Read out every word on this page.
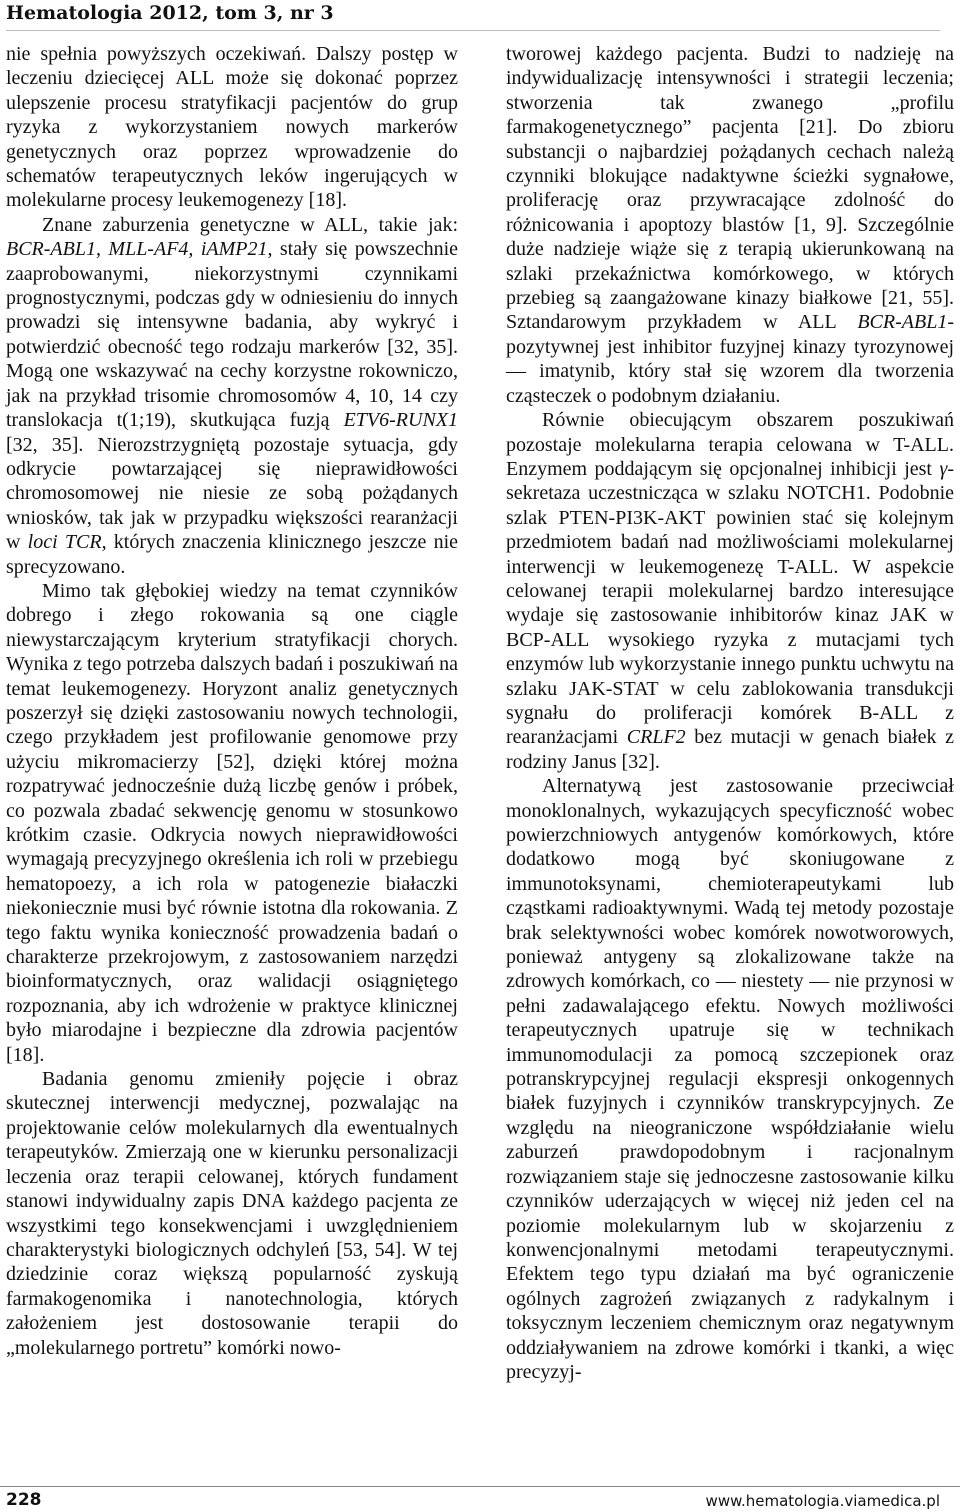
Hematologia 2012, tom 3, nr 3

nie spełnia powyższych oczekiwań. Dalszy postęp w leczeniu dziecięcej ALL może się dokonać poprzez ulepszenie procesu stratyfikacji pacjentów do grup ryzyka z wykorzystaniem nowych markerów genetycznych oraz poprzez wprowadzenie do schematów terapeutycznych leków ingerujących w molekularne procesy leukemogenezy [18].

Znane zaburzenia genetyczne w ALL, takie jak: BCR-ABL1, MLL-AF4, iAMP21, stały się powszechnie zaaprobowanymi, niekorzystnymi czynnikami prognostycznymi, podczas gdy w odniesieniu do innych prowadzi się intensywne badania, aby wykryć i potwierdzić obecność tego rodzaju markerów [32, 35]. Mogą one wskazywać na cechy korzystne rokowniczo, jak na przykład trisomie chromosomów 4, 10, 14 czy translokacja t(1;19), skutkująca fuzją ETV6-RUNX1 [32, 35]. Nierozstrzygniętą pozostaje sytuacja, gdy odkrycie powtarzającej się nieprawidłowości chromosomowej nie niesie ze sobą pożądanych wniosków, tak jak w przypadku większości rearanżacji w loci TCR, których znaczenia klinicznego jeszcze nie sprecyzowano.

Mimo tak głębokiej wiedzy na temat czynników dobrego i złego rokowania są one ciągle niewystarczającym kryterium stratyfikacji chorych. Wynika z tego potrzeba dalszych badań i poszukiwań na temat leukemogenezy. Horyzont analiz genetycznych poszerzył się dzięki zastosowaniu nowych technologii, czego przykładem jest profilowanie genomowe przy użyciu mikromacierzy [52], dzięki której można rozpatrywać jednocześnie dużą liczbę genów i próbek, co pozwala zbadać sekwencję genomu w stosunkowo krótkim czasie. Odkrycia nowych nieprawidłowości wymagają precyzyjnego określenia ich roli w przebiegu hematopoezy, a ich rola w patogenezie białaczki niekoniecznie musi być równie istotna dla rokowania. Z tego faktu wynika konieczność prowadzenia badań o charakterze przekrojowym, z zastosowaniem narzędzi bioinformatycznych, oraz walidacji osiągniętego rozpoznania, aby ich wdrożenie w praktyce klinicznej było miarodajne i bezpieczne dla zdrowia pacjentów [18].

Badania genomu zmieniły pojęcie i obraz skutecznej interwencji medycznej, pozwalając na projektowanie celów molekularnych dla ewentualnych terapeutyków. Zmierzają one w kierunku personalizacji leczenia oraz terapii celowanej, których fundament stanowi indywidualny zapis DNA każdego pacjenta ze wszystkimi tego konsekwencjami i uwzględnieniem charakterystyki biologicznych odchyleń [53, 54]. W tej dziedzinie coraz większą popularność zyskują farmakogenomika i nanotechnologia, których założeniem jest dostosowanie terapii do „molekularnego portretu” komórki nowo-

tworowej każdego pacjenta. Budzi to nadzieję na indywidualizację intensywności i strategii leczenia; stworzenia tak zwanego „profilu farmakogenetycznego” pacjenta [21]. Do zbioru substancji o najbardziej pożądanych cechach należą czynniki blokujące nadaktywne ścieżki sygnałowe, proliferację oraz przywracające zdolność do różnicowania i apoptozy blastów [1, 9]. Szczególnie duże nadzieje wiąże się z terapią ukierunkowaną na szlaki przekaźnictwa komórkowego, w których przebieg są zaangażowane kinazy białkowe [21, 55]. Sztandarowym przykładem w ALL BCR-ABL1-pozytywnej jest inhibitor fuzyjnej kinazy tyrozynowej — imatynib, który stał się wzorem dla tworzenia cząsteczek o podobnym działaniu.

Równie obiecującym obszarem poszukiwań pozostaje molekularna terapia celowana w T-ALL. Enzymem poddającym się opcjonalnej inhibicji jest γ-sekretaza uczestnicząca w szlaku NOTCH1. Podobnie szlak PTEN-PI3K-AKT powinien stać się kolejnym przedmiotem badań nad możliwościami molekularnej interwencji w leukemogenezę T-ALL. W aspekcie celowanej terapii molekularnej bardzo interesujące wydaje się zastosowanie inhibitorów kinaz JAK w BCP-ALL wysokiego ryzyka z mutacjami tych enzymów lub wykorzystanie innego punktu uchwytu na szlaku JAK-STAT w celu zablokowania transdukcji sygnału do proliferacji komórek B-ALL z rearanżacjami CRLF2 bez mutacji w genach białek z rodziny Janus [32].

Alternatywą jest zastosowanie przeciwciał monoklonalnych, wykazujących specyficzność wobec powierzchniowych antygenów komórkowych, które dodatkowo mogą być skoniugowane z immunotoksynami, chemioterapeutykami lub cząstkami radioaktywnymi. Wadą tej metody pozostaje brak selektywności wobec komórek nowotworowych, ponieważ antygeny są zlokalizowane także na zdrowych komórkach, co — niestety — nie przynosi w pełni zadawalającego efektu. Nowych możliwości terapeutycznych upatruje się w technikach immunomodulacji za pomocą szczepionek oraz potranskrypcyjnej regulacji ekspresji onkogennych białek fuzyjnych i czynników transkrypcyjnych. Ze względu na nieograniczone współdziałanie wielu zaburzeń prawdopodobnym i racjonalnym rozwiązaniem staje się jednoczesne zastosowanie kilku czynników uderzających w więcej niż jeden cel na poziomie molekularnym lub w skojarzeniu z konwencjonalnymi metodami terapeutycznymi. Efektem tego typu działań ma być ograniczenie ogólnych zagrożeń związanych z radykalnym i toksycznym leczeniem chemicznym oraz negatywnym oddziaływaniem na zdrowe komórki i tkanki, a więc precyzyj-

228	www.hematologia.viamedica.pl
